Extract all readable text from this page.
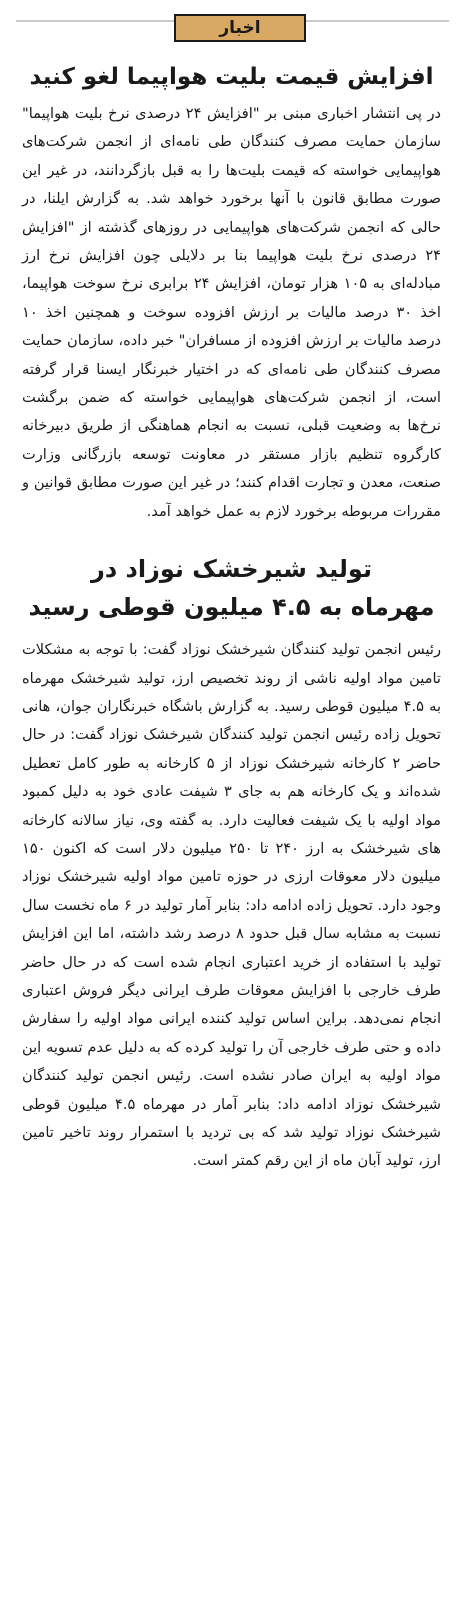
اخبار
افزایش قیمت بلیت هواپیما لغو کنید

در پی انتشار اخباری مبنی بر "افزایش ۲۴ درصدی نرخ بلیت هواپیما" سازمان حمایت مصرف کنندگان طی نامه‌ای از انجمن شرکت‌های هواپیمایی خواسته که قیمت بلیت‌ها را به قبل بازگردانند، در غیر این صورت مطابق قانون با آنها برخورد خواهد شد. به گزارش ایلنا، در حالی که انجمن شرکت‌های هواپیمایی در روزهای گذشته از "افزایش ۲۴ درصدی نرخ بلیت هواپیما بنا بر دلایلی چون افزایش نرخ ارز مبادله‌ای به ۱۰۵ هزار تومان، افزایش ۲۴ برابری نرخ سوخت هواپیما، اخذ ۳۰ درصد مالیات بر ارزش افزوده سوخت و همچنین اخذ ۱۰ درصد مالیات بر ارزش افزوده از مسافران" خبر داده، سازمان حمایت مصرف کنندگان طی نامه‌ای که در اختیار خبرنگار ایسنا قرار گرفته است، از انجمن شرکت‌های هواپیمایی خواسته که ضمن برگشت نرخ‌ها به وضعیت قبلی، نسبت به انجام هماهنگی از طریق دبیرخانه کارگروه تنظیم بازار مستقر در معاونت توسعه بازرگانی وزارت صنعت، معدن و تجارت اقدام کنند؛ در غیر این صورت مطابق قوانین و مقررات مربوطه برخورد لازم به عمل خواهد آمد.

تولید شیرخشک نوزاد در
مهرماه به ۴.۵ میلیون قوطی رسید

رئیس انجمن تولید کنندگان شیرخشک نوزاد گفت: با توجه به مشکلات تامین مواد اولیه ناشی از روند تخصیص ارز، تولید شیرخشک مهرماه به ۴.۵ میلیون قوطی رسید. به گزارش باشگاه خبرنگاران جوان، هانی تحویل زاده رئیس انجمن تولید کنندگان شیرخشک نوزاد گفت: در حال حاضر ۲ کارخانه شیرخشک نوزاد از ۵ کارخانه به طور کامل تعطیل شده‌اند و یک کارخانه هم به جای ۳ شیفت عادی خود به دلیل کمبود مواد اولیه با یک شیفت فعالیت دارد. به گفته وی، نیاز سالانه کارخانه های شیرخشک به ارز ۲۴۰ تا ۲۵۰ میلیون دلار است که اکنون ۱۵۰ میلیون دلار معوقات ارزی در حوزه تامین مواد اولیه شیرخشک نوزاد وجود دارد. تحویل زاده ادامه داد: بنابر آمار تولید در ۶ ماه نخست سال نسبت به مشابه سال قبل حدود ۸ درصد رشد داشته، اما این افزایش تولید با استفاده از خرید اعتباری انجام شده است که در حال حاضر طرف خارجی با افزایش معوقات طرف ایرانی دیگر فروش اعتباری انجام نمی‌دهد. براین اساس تولید کننده ایرانی مواد اولیه را سفارش داده و حتی طرف خارجی آن را تولید کرده که به دلیل عدم تسویه این مواد اولیه به ایران صادر نشده است. رئیس انجمن تولید کنندگان شیرخشک نوزاد ادامه داد: بنابر آمار در مهرماه ۴.۵ میلیون قوطی شیرخشک نوزاد تولید شد که بی تردید با استمرار روند تاخیر تامین ارز، تولید آبان ماه از این رقم کمتر است.
